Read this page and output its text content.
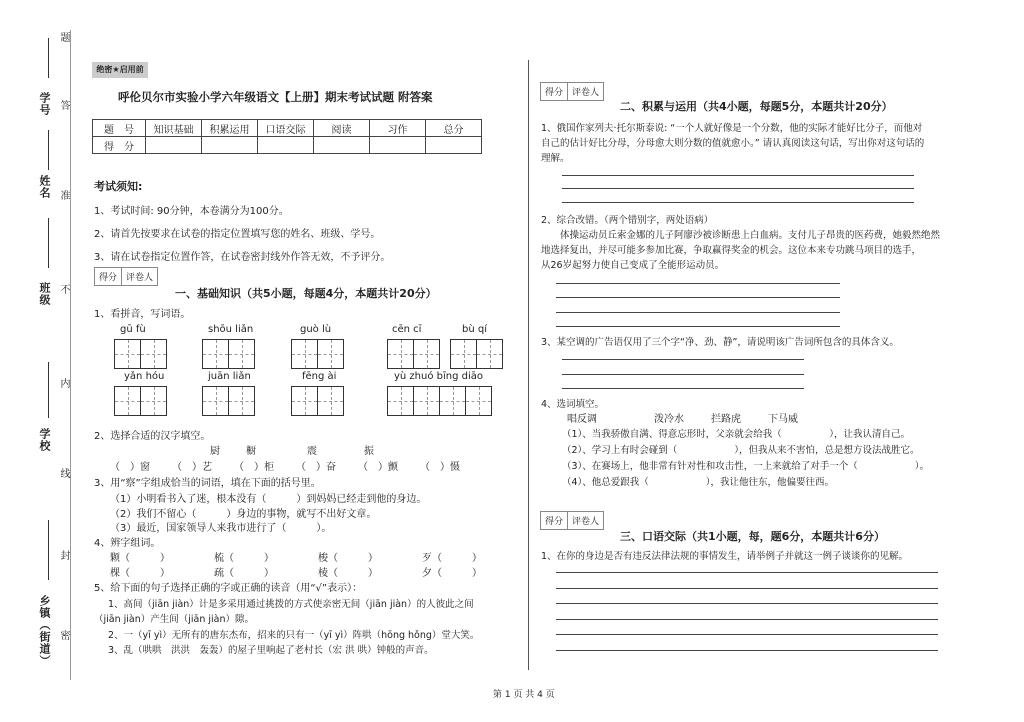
学号
姓名
班级
学校
乡镇（街道）
题
答
准
不
内
线
封
密
绝密★启用前
呼伦贝尔市实验小学六年级语文【上册】期末考试试题 附答案
题　号	知识基础	积累运用	口语交际	阅读	习作	总分
得　分						
考试须知:
1、考试时间: 90分钟，本卷满分为100分。
2、请首先按要求在试卷的指定位置填写您的姓名、班级、学号。
3、请在试卷指定位置作答，在试卷密封线外作答无效，不予评分。
得分	评卷人
一、基础知识（共5小题，每题4分，本题共计20分）
1、看拼音，写词语。
gū fù	shōu liǎn	guò lù	cēn cī	bù qí
yǎn hóu	juān liǎn	fēng ài	yù zhuó bīng diāo
2、选择合适的汉字填空。
厨	橱	震	振
（　）窗 （　）艺 （　）柜 （　）奋 （　）颤 （　）慑
3、用“察”字组成恰当的词语，填在下面的括号里。
（1）小明看书入了迷，根本没有（　　　）到妈妈已经走到他的身边。
（2）我们不留心（　　　）身边的事物，就写不出好文章。
（3）最近，国家领导人来我市进行了（　　　）。
4、辨字组词。
颗（　　　）	梳（　　　）	梭（　　　）	歹（　　　）
棵（　　　）	疏（　　　）	棱（　　　）	夕（　　　）
5、给下面的句子选择正确的字或正确的读音（用“√”表示）：
1、高间（jiān jiàn）计是多采用通过挑拨的方式使亲密无间（jiān jiàn）的人彼此之间
（jiān jiàn）产生间（jiān jiàn）隙。
2、一（yī yì）无所有的唐东杰布，招来的只有一（yī yì）阵哄（hōng hǒng）堂大笑。
3、乱（哄哄　洪洪　轰轰）的屋子里响起了老村长（宏 洪 哄）钟般的声音。
得分	评卷人
二、积累与运用（共4小题，每题5分，本题共计20分）
1、俄国作家列夫·托尔斯泰说: “一个人就好像是一个分数，他的实际才能好比分子，而他对
自己的估计好比分母，分母愈大则分数的值就愈小。” 请认真阅读这句话，写出你对这句话的
理解。
2、综合改错。（两个错别字，两处语病）
　　体操运动员丘索金娜的儿子阿廖沙被诊断患上白血病。支付儿子昂贵的医药费，她毅然绝然
地选择复出，并尽可能多参加比赛，争取赢得奖金的机会。这位本来专功跳马项目的选手，
从26岁起努力使自己变成了全能形运动员。
3、某空调的广告语仅用了三个字“净、劲、静”，请说明该广告词所包含的具体含义。
4、选词填空。
唱反调	泼冷水	拦路虎	下马威
（1）、当我骄傲自满、得意忘形时，父亲就会给我（　　　　　），让我认清自己。
（2）、学习上有时会碰到（　　　　　　），但我从来不害怕，总是想方设法战胜它。
（3）、在赛场上，他非常有针对性和攻击性，一上来就给了对手一个（　　　　　　）。
（4）、他总爱跟我（　　　　　　），我让他往东，他偏要往西。
得分	评卷人
三、口语交际（共1小题，每，题6分，本题共计6分）
1、在你的身边是否有违反法律法规的事情发生，请举例子并就这一例子谈谈你的见解。
第 1 页 共 4 页
